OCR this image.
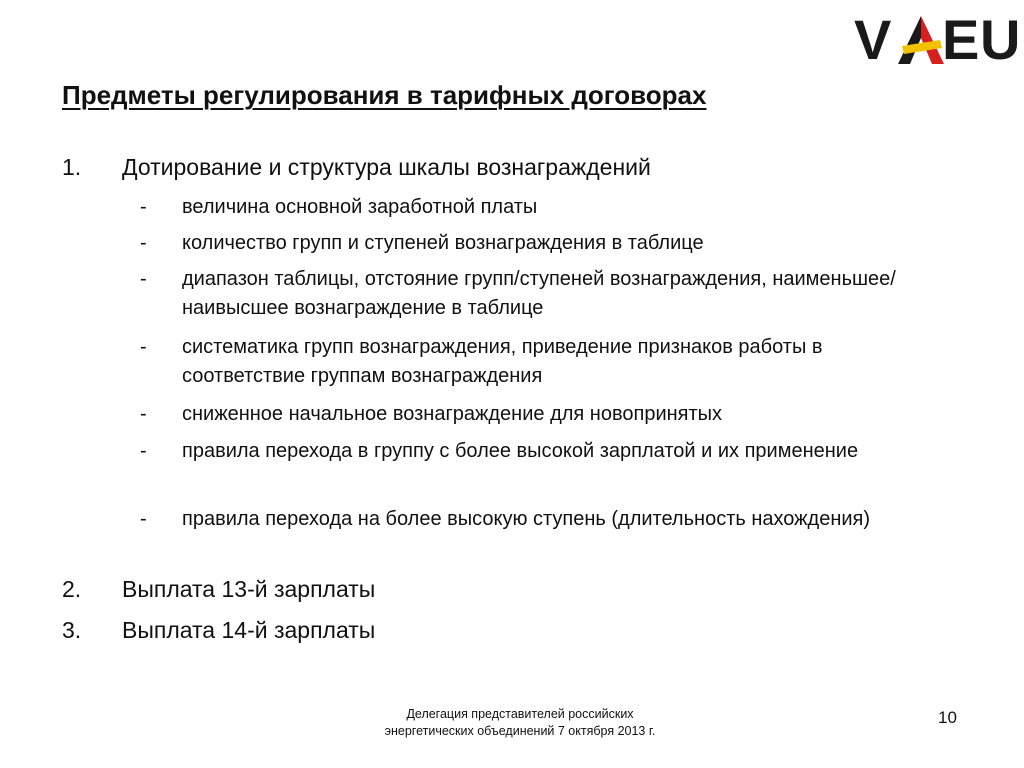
V E U
Предметы регулирования в тарифных договорах
1. Дотирование и структура шкалы вознаграждений
- величина основной заработной платы
- количество групп и ступеней вознаграждения в таблице
- диапазон таблицы, отстояние групп/ступеней вознаграждения, наименьшее/наивысшее вознаграждение в таблице
- систематика групп вознаграждения, приведение признаков работы в соответствие группам вознаграждения
- сниженное начальное вознаграждение для новопринятых
- правила перехода в группу с более высокой зарплатой и их применение
- правила перехода на более высокую ступень (длительность нахождения)
2. Выплата 13-й зарплаты
3. Выплата 14-й зарплаты
Делегация представителей российских
энергетических объединений 7 октября 2013 г.
10
